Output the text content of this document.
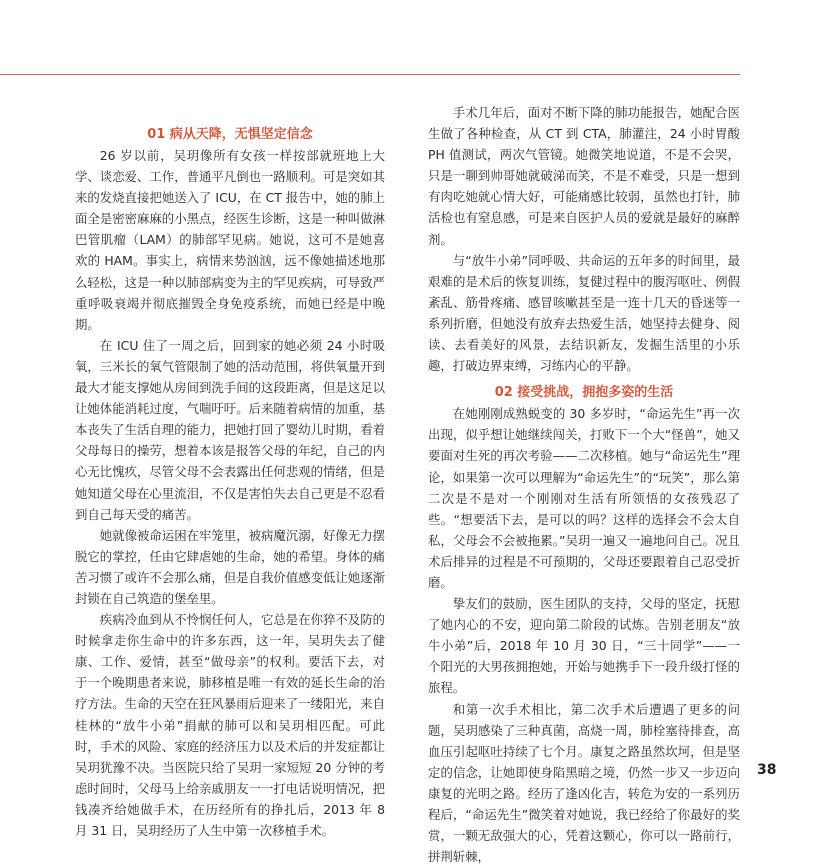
01 病从天降，无惧坚定信念

26 岁以前，吴玥像所有女孩一样按部就班地上大学、谈恋爱、工作，普通平凡倒也一路顺利。可是突如其来的发烧直接把她送入了 ICU，在 CT 报告中，她的肺上面全是密密麻麻的小黑点，经医生诊断，这是一种叫做淋巴管肌瘤（LAM）的肺部罕见病。她说，这可不是她喜欢的 HAM。事实上，病情来势汹汹，远不像她描述地那么轻松，这是一种以肺部病变为主的罕见疾病，可导致严重呼吸衰竭并彻底摧毁全身免疫系统，而她已经是中晚期。

在 ICU 住了一周之后，回到家的她必须 24 小时吸氧，三米长的氧气管限制了她的活动范围，将供氧量开到最大才能支撑她从房间到洗手间的这段距离，但是这足以让她体能消耗过度，气喘吁吁。后来随着病情的加重，基本丧失了生活自理的能力，把她打回了婴幼儿时期，看着父母每日的操劳，想着本该是报答父母的年纪，自己的内心无比愧疚，尽管父母不会表露出任何悲观的情绪，但是她知道父母在心里流泪，不仅是害怕失去自己更是不忍看到自己每天受的痛苦。

她就像被命运困在牢笼里，被病魔沉溺，好像无力摆脱它的掌控，任由它肆虐她的生命，她的希望。身体的痛苦习惯了或许不会那么痛，但是自我价值感变低让她逐渐封锁在自己筑造的堡垒里。

疾病冷血到从不怜悯任何人，它总是在你猝不及防的时候拿走你生命中的许多东西，这一年，吴玥失去了健康、工作、爱情，甚至“做母亲”的权利。要活下去，对于一个晚期患者来说，肺移植是唯一有效的延长生命的治疗方法。生命的天空在狂风暴雨后迎来了一缕阳光，来自桂林的“放牛小弟”捐献的肺可以和吴玥相匹配。可此时，手术的风险、家庭的经济压力以及术后的并发症都让吴玥犹豫不决。当医院只给了吴玥一家短短 20 分钟的考虑时间时，父母马上给亲戚朋友一一打电话说明情况，把钱凑齐给她做手术，在历经所有的挣扎后，2013 年 8 月 31 日，吴玥经历了人生中第一次移植手术。

手术几年后，面对不断下降的肺功能报告，她配合医生做了各种检查，从 CT 到 CTA，肺灌注，24 小时胃酸 PH 值测试，两次气管镜。她微笑地说道，不是不会哭，只是一聊到帅哥她就破涕而笑，不是不难受，只是一想到有肉吃她就心情大好，可能痛感比较弱，虽然也打针，肺活检也有窒息感，可是来自医护人员的爱就是最好的麻醉剂。

与“放牛小弟”同呼吸、共命运的五年多的时间里，最艰难的是术后的恢复训练，复健过程中的腹泻呕吐、例假紊乱、筋骨疼痛、感冒咳嗽甚至是一连十几天的昏迷等一系列折磨，但她没有放弃去热爱生活，她坚持去健身、阅读、去看美好的风景，去结识新友，发掘生活里的小乐趣，打破边界束缚，习练内心的平静。

02 接受挑战，拥抱多姿的生活

在她刚刚成熟蜕变的 30 多岁时，“命运先生”再一次出现，似乎想让她继续闯关，打败下一个大“怪兽”，她又要面对生死的再次考验——二次移植。她与“命运先生”理论，如果第一次可以理解为“命运先生”的“玩笑”，那么第二次是不是对一个刚刚对生活有所领悟的女孩残忍了些。“想要活下去，是可以的吗？这样的选择会不会太自私，父母会不会被拖累。”吴玥一遍又一遍地问自己。况且术后排异的过程是不可预期的，父母还要跟着自己忍受折磨。

挚友们的鼓励，医生团队的支持，父母的坚定，抚慰了她内心的不安，迎向第二阶段的试炼。告别老朋友“放牛小弟”后，2018 年 10 月 30 日，“三十同学”——一个阳光的大男孩拥抱她，开始与她携手下一段升级打怪的旅程。

和第一次手术相比，第二次手术后遭遇了更多的问题，吴玥感染了三种真菌，高烧一周，肺栓塞待排查，高血压引起呕吐持续了七个月。康复之路虽然坎坷，但是坚定的信念，让她即使身陷黑暗之境，仍然一步又一步迈向康复的光明之路。经历了逢凶化吉，转危为安的一系列历程后，“命运先生”微笑着对她说，我已经给了你最好的奖赏，一颗无敌强大的心，凭着这颗心，你可以一路前行，拼荆斩棘，

38
